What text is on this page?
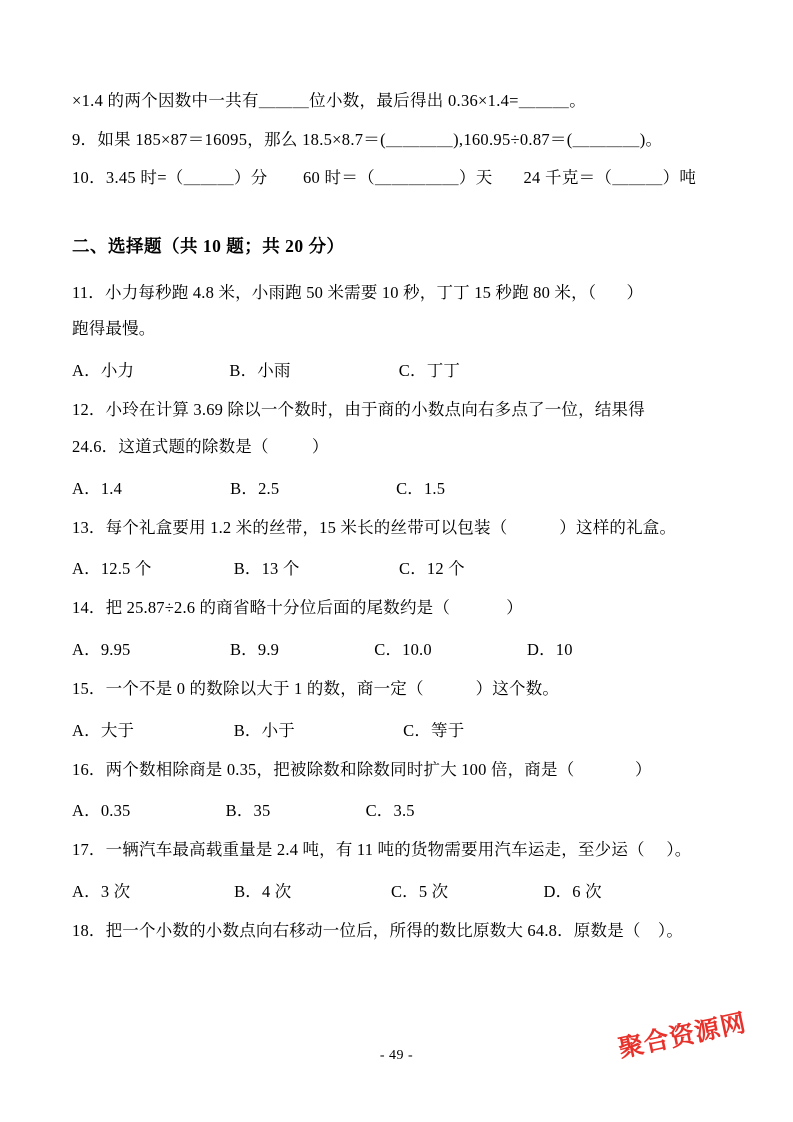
×1.4 的两个因数中一共有＿＿＿位小数，最后得出 0.36×1.4=＿＿＿。
9．如果 185×87＝16095，那么 18.5×8.7＝(＿＿＿＿),160.95÷0.87＝(＿＿＿＿)。
10．3.45 时=（＿＿＿）分        60 时＝（＿＿＿＿＿）天       24 千克＝（＿＿＿）吨
二、选择题（共 10 题；共 20 分）
11．小力每秒跑 4.8 米，小雨跑 50 米需要 10 秒，丁丁 15 秒跑 80 米，（       ）
跑得最慢。
A．小力                      B．小雨                         C．丁丁
12．小玲在计算 3.69 除以一个数时，由于商的小数点向右多点了一位，结果得
24.6．这道式题的除数是（          ）
A．1.4                         B．2.5                           C．1.5
13．每个礼盒要用 1.2 米的丝带，15 米长的丝带可以包装（            ）这样的礼盒。
A．12.5 个                   B．13 个                       C．12 个
14．把 25.87÷2.6 的商省略十分位后面的尾数约是（             ）
A．9.95                       B．9.9                      C．10.0                      D．10
15．一个不是 0 的数除以大于 1 的数，商一定（            ）这个数。
A．大于                       B．小于                         C．等于
16．两个数相除商是 0.35，把被除数和除数同时扩大 100 倍，商是（              ）
A．0.35                      B．35                      C．3.5
17．一辆汽车最高载重量是 2.4 吨，有 11 吨的货物需要用汽车运走，至少运（     ）。
A．3 次                        B．4 次                       C．5 次                      D．6 次
18．把一个小数的小数点向右移动一位后，所得的数比原数大 64.8．原数是（    ）。
- 49 -	聚合资源网
